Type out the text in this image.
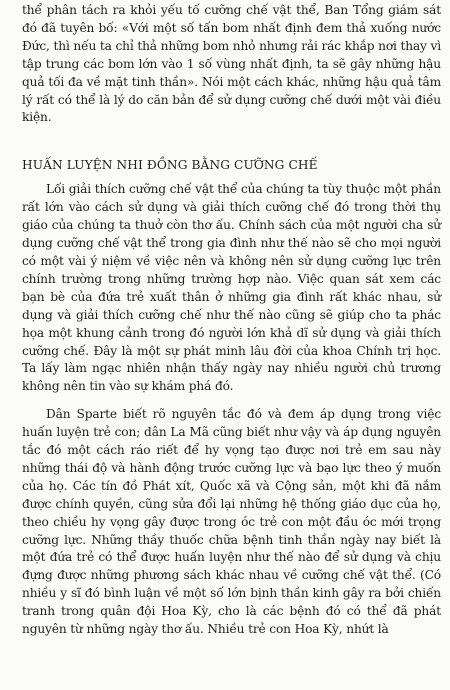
thể phân tách ra khỏi yếu tố cưỡng chế vật thể, Ban Tổng giám sát đó đã tuyên bố: «Với một số tấn bom nhất định đem thả xuống nước Đức, thì nếu ta chỉ thả những bom nhỏ nhưng rải rác khắp nơi thay vì tập trung các bom lớn vào 1 số vùng nhất định, ta sẽ gây những hậu quả tối đa về mặt tinh thần». Nói một cách khác, những hậu quả tâm lý rất có thể là lý do căn bản để sử dụng cưỡng chế dưới một vài điều kiện.

HUẤN LUYỆN NHI ĐỒNG BẰNG CƯỠNG CHẾ

Lối giải thích cưỡng chế vật thể của chúng ta tùy thuộc một phần rất lớn vào cách sử dụng và giải thích cưỡng chế đó trong thời thụ giáo của chúng ta thuở còn thơ ấu. Chính sách của một người cha sử dụng cưỡng chế vật thể trong gia đình như thế nào sẽ cho mọi người có một vài ý niệm về việc nên và không nên sử dụng cưỡng lực trên chính trường trong những trường hợp nào. Việc quan sát xem các bạn bè của đứa trẻ xuất thân ở những gia đình rất khác nhau, sử dụng và giải thích cưỡng chế như thế nào cũng sẽ giúp cho ta phác họa một khung cảnh trong đó người lớn khả dĩ sử dụng và giải thích cưỡng chế. Đây là một sự phát minh lâu đời của khoa Chính trị học. Ta lấy làm ngạc nhiên nhận thấy ngày nay nhiều người chủ trương không nên tin vào sự khám phá đó.

Dân Sparte biết rõ nguyên tắc đó và đem áp dụng trong việc huấn luyện trẻ con; dân La Mã cũng biết như vậy và áp dụng nguyên tắc đó một cách ráo riết để hy vọng tạo được nơi trẻ em sau này những thái độ và hành động trước cưỡng lực và bạo lực theo ý muốn của họ. Các tín đồ Phát xít, Quốc xã và Cộng sản, một khi đã nắm được chính quyền, cũng sửa đổi lại những hệ thống giáo dục của họ, theo chiều hy vọng gây được trong óc trẻ con một đầu óc mới trọng cưỡng lực. Những thầy thuốc chữa bệnh tinh thần ngày nay biết là một đứa trẻ có thể được huấn luyện như thế nào để sử dụng và chịu đựng được những phương sách khác nhau về cưỡng chế vật thể. (Có nhiều y sĩ đó bình luận về một số lớn bịnh thần kinh gây ra bởi chiến tranh trong quân đội Hoa Kỳ, cho là các bệnh đó có thể đã phát nguyên từ những ngày thơ ấu. Nhiều trẻ con Hoa Kỳ, nhứt là
